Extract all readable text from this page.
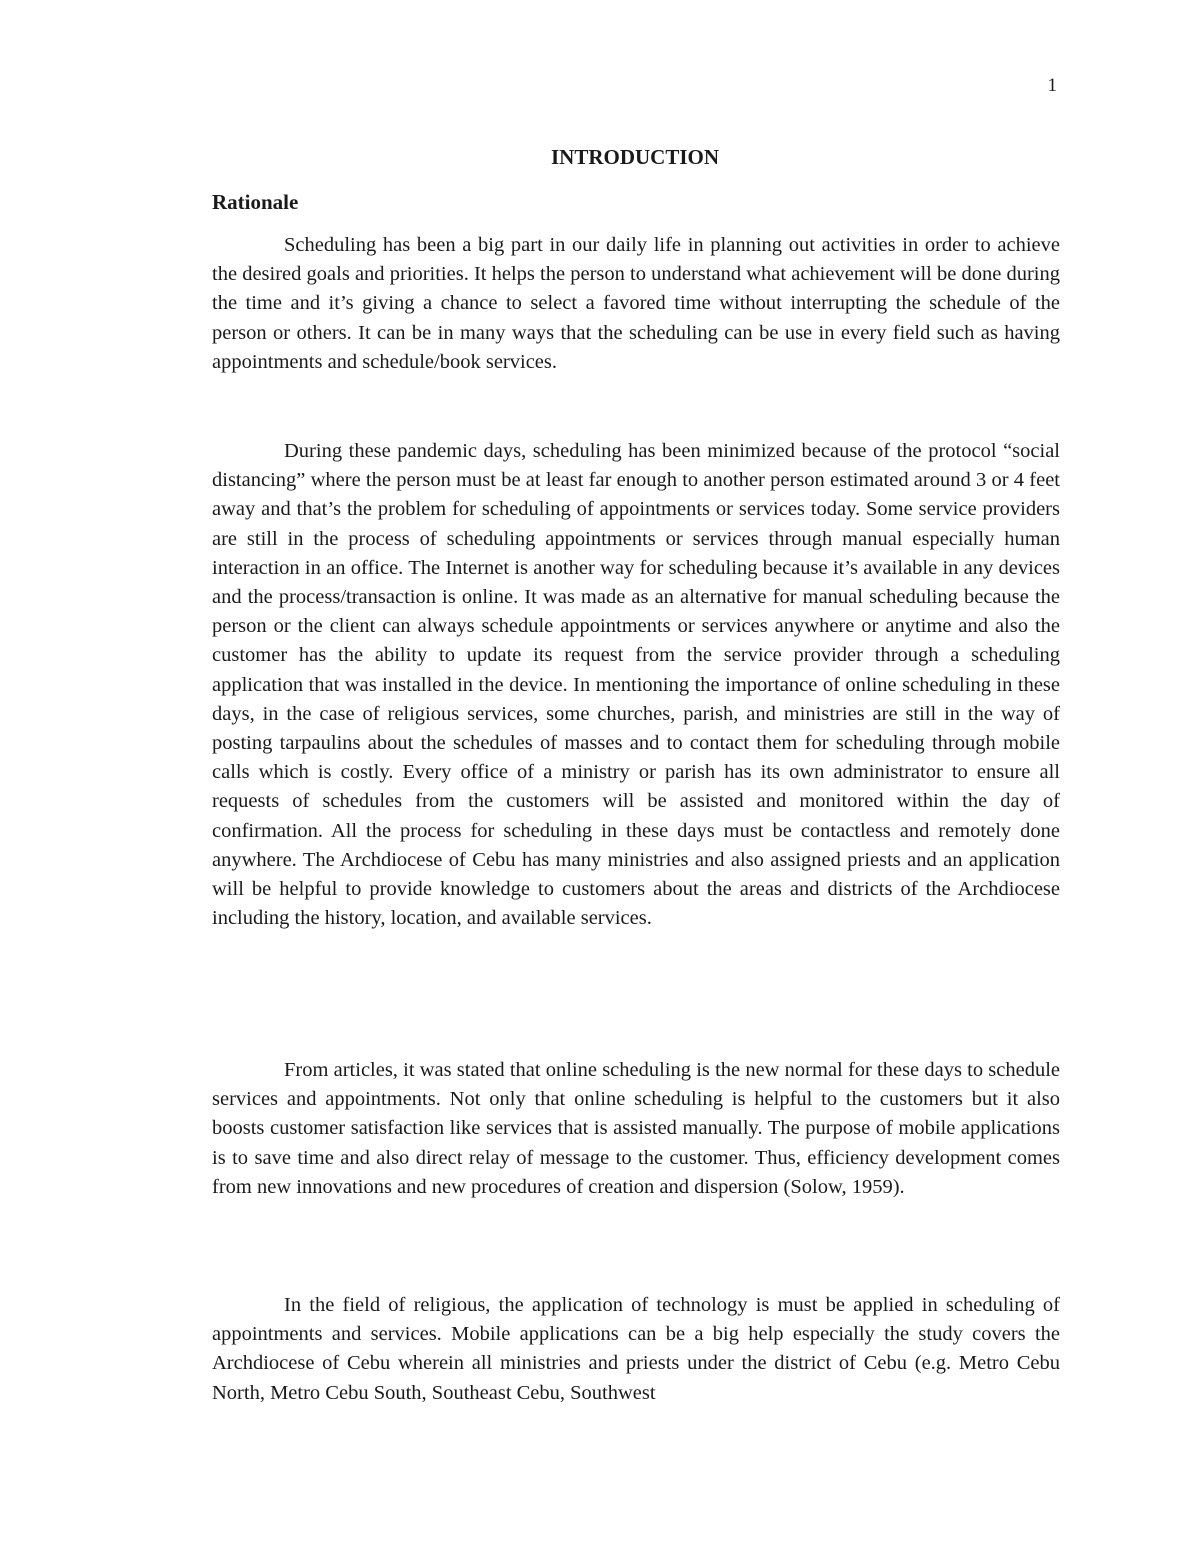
1
INTRODUCTION
Rationale

Scheduling has been a big part in our daily life in planning out activities in order to achieve the desired goals and priorities. It helps the person to understand what achievement will be done during the time and it’s giving a chance to select a favored time without interrupting the schedule of the person or others. It can be in many ways that the scheduling can be use in every field such as having appointments and schedule/book services.

During these pandemic days, scheduling has been minimized because of the protocol “social distancing” where the person must be at least far enough to another person estimated around 3 or 4 feet away and that’s the problem for scheduling of appointments or services today. Some service providers are still in the process of scheduling appointments or services through manual especially human interaction in an office. The Internet is another way for scheduling because it’s available in any devices and the process/transaction is online. It was made as an alternative for manual scheduling because the person or the client can always schedule appointments or services anywhere or anytime and also the customer has the ability to update its request from the service provider through a scheduling application that was installed in the device. In mentioning the importance of online scheduling in these days, in the case of religious services, some churches, parish, and ministries are still in the way of posting tarpaulins about the schedules of masses and to contact them for scheduling through mobile calls which is costly. Every office of a ministry or parish has its own administrator to ensure all requests of schedules from the customers will be assisted and monitored within the day of confirmation. All the process for scheduling in these days must be contactless and remotely done anywhere. The Archdiocese of Cebu has many ministries and also assigned priests and an application will be helpful to provide knowledge to customers about the areas and districts of the Archdiocese including the history, location, and available services.

From articles, it was stated that online scheduling is the new normal for these days to schedule services and appointments. Not only that online scheduling is helpful to the customers but it also boosts customer satisfaction like services that is assisted manually. The purpose of mobile applications is to save time and also direct relay of message to the customer. Thus, efficiency development comes from new innovations and new procedures of creation and dispersion (Solow, 1959).

In the field of religious, the application of technology is must be applied in scheduling of appointments and services. Mobile applications can be a big help especially the study covers the Archdiocese of Cebu wherein all ministries and priests under the district of Cebu (e.g. Metro Cebu North, Metro Cebu South, Southeast Cebu, Southwest
